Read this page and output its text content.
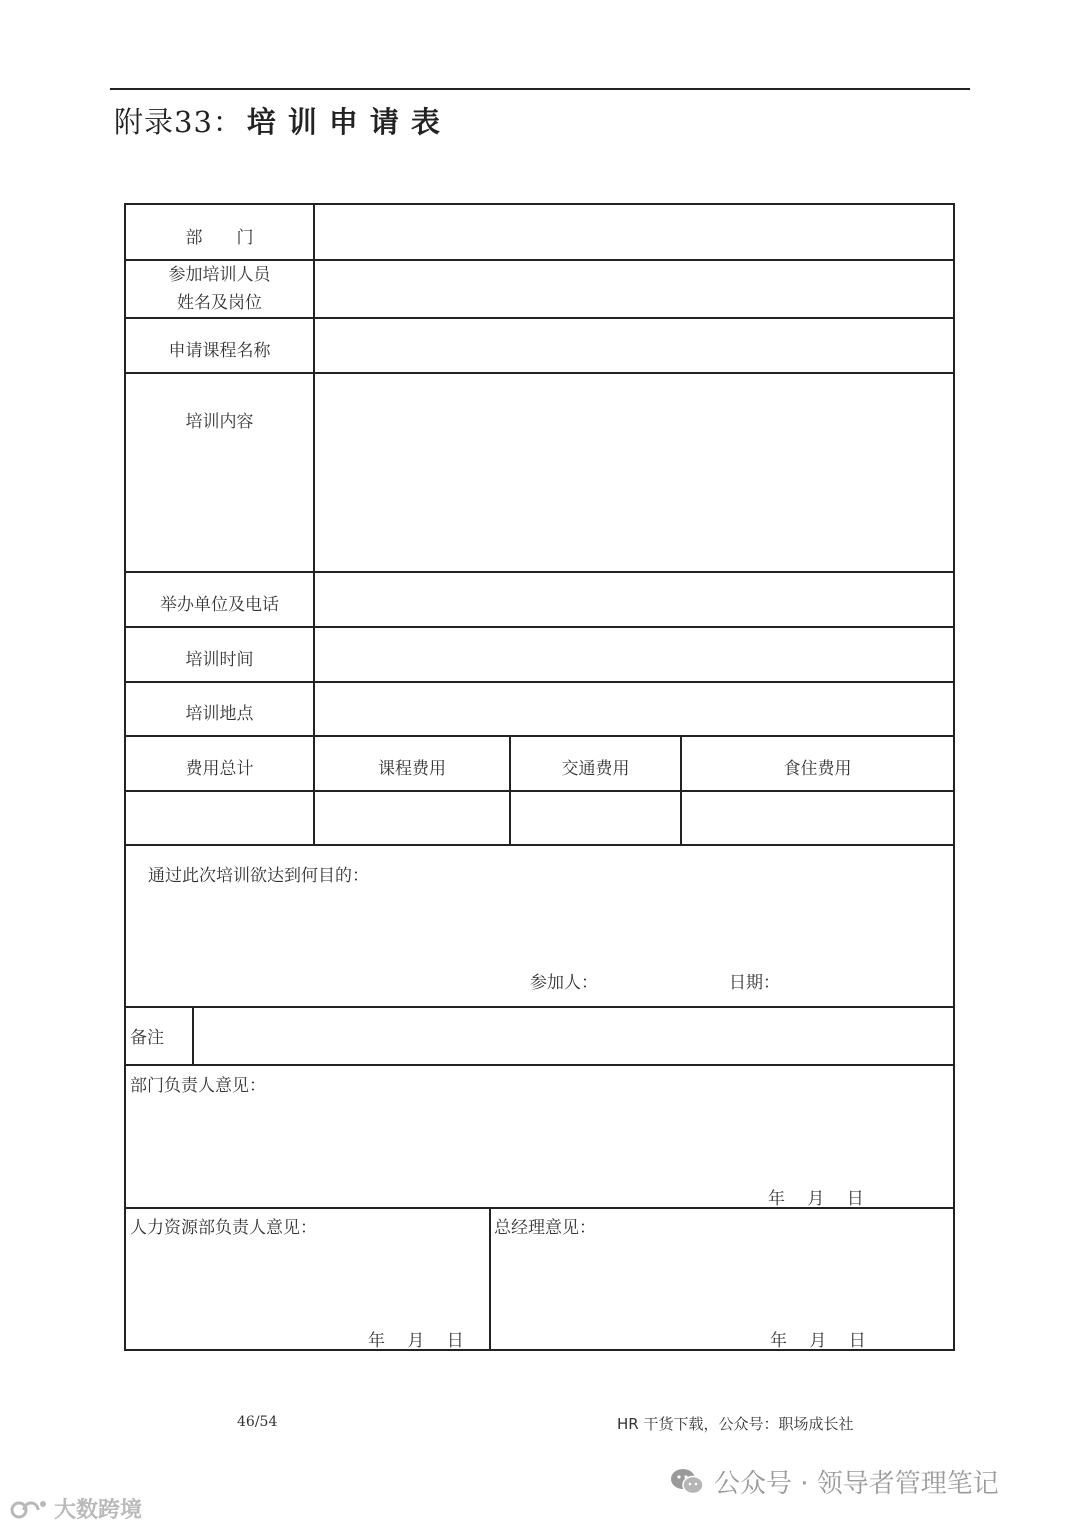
附录33： 培训申请表
部　　门
参加培训人员
姓名及岗位
申请课程名称
培训内容
举办单位及电话
培训时间
培训地点
费用总计	课程费用	交通费用	食住费用
通过此次培训欲达到何目的：
参加人：	日期：
备注
部门负责人意见：
年　 月　 日
人力资源部负责人意见：
年　 月　 日
总经理意见：
年　 月　 日
46/54	HR 干货下载，公众号：职场成长社
公众号 · 领导者管理笔记
大数跨境
